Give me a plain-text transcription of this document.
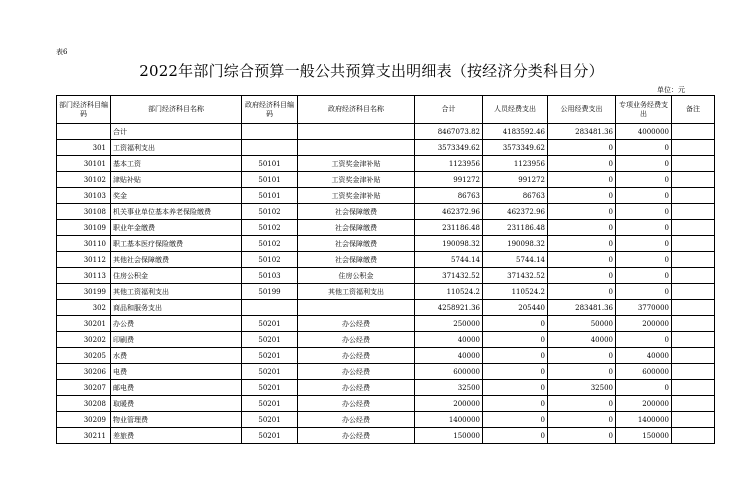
表6
2022年部门综合预算一般公共预算支出明细表（按经济分类科目分）
单位：元
部门经济科目编码	部门经济科目名称	政府经济科目编码	政府经济科目名称	合计	人员经费支出	公用经费支出	专项业务经费支出	备注
	合计			8467073.82	4183592.46	283481.36	4000000	
301	工资福利支出			3573349.62	3573349.62	0	0	
30101	基本工资	50101	工资奖金津补贴	1123956	1123956	0	0	
30102	津贴补贴	50101	工资奖金津补贴	991272	991272	0	0	
30103	奖金	50101	工资奖金津补贴	86763	86763	0	0	
30108	机关事业单位基本养老保险缴费	50102	社会保障缴费	462372.96	462372.96	0	0	
30109	职业年金缴费	50102	社会保障缴费	231186.48	231186.48	0	0	
30110	职工基本医疗保险缴费	50102	社会保障缴费	190098.32	190098.32	0	0	
30112	其他社会保障缴费	50102	社会保障缴费	5744.14	5744.14	0	0	
30113	住房公积金	50103	住房公积金	371432.52	371432.52	0	0	
30199	其他工资福利支出	50199	其他工资福利支出	110524.2	110524.2	0	0	
302	商品和服务支出			4258921.36	205440	283481.36	3770000	
30201	办公费	50201	办公经费	250000	0	50000	200000	
30202	印刷费	50201	办公经费	40000	0	40000	0	
30205	水费	50201	办公经费	40000	0	0	40000	
30206	电费	50201	办公经费	600000	0	0	600000	
30207	邮电费	50201	办公经费	32500	0	32500	0	
30208	取暖费	50201	办公经费	200000	0	0	200000	
30209	物业管理费	50201	办公经费	1400000	0	0	1400000	
30211	差旅费	50201	办公经费	150000	0	0	150000	
